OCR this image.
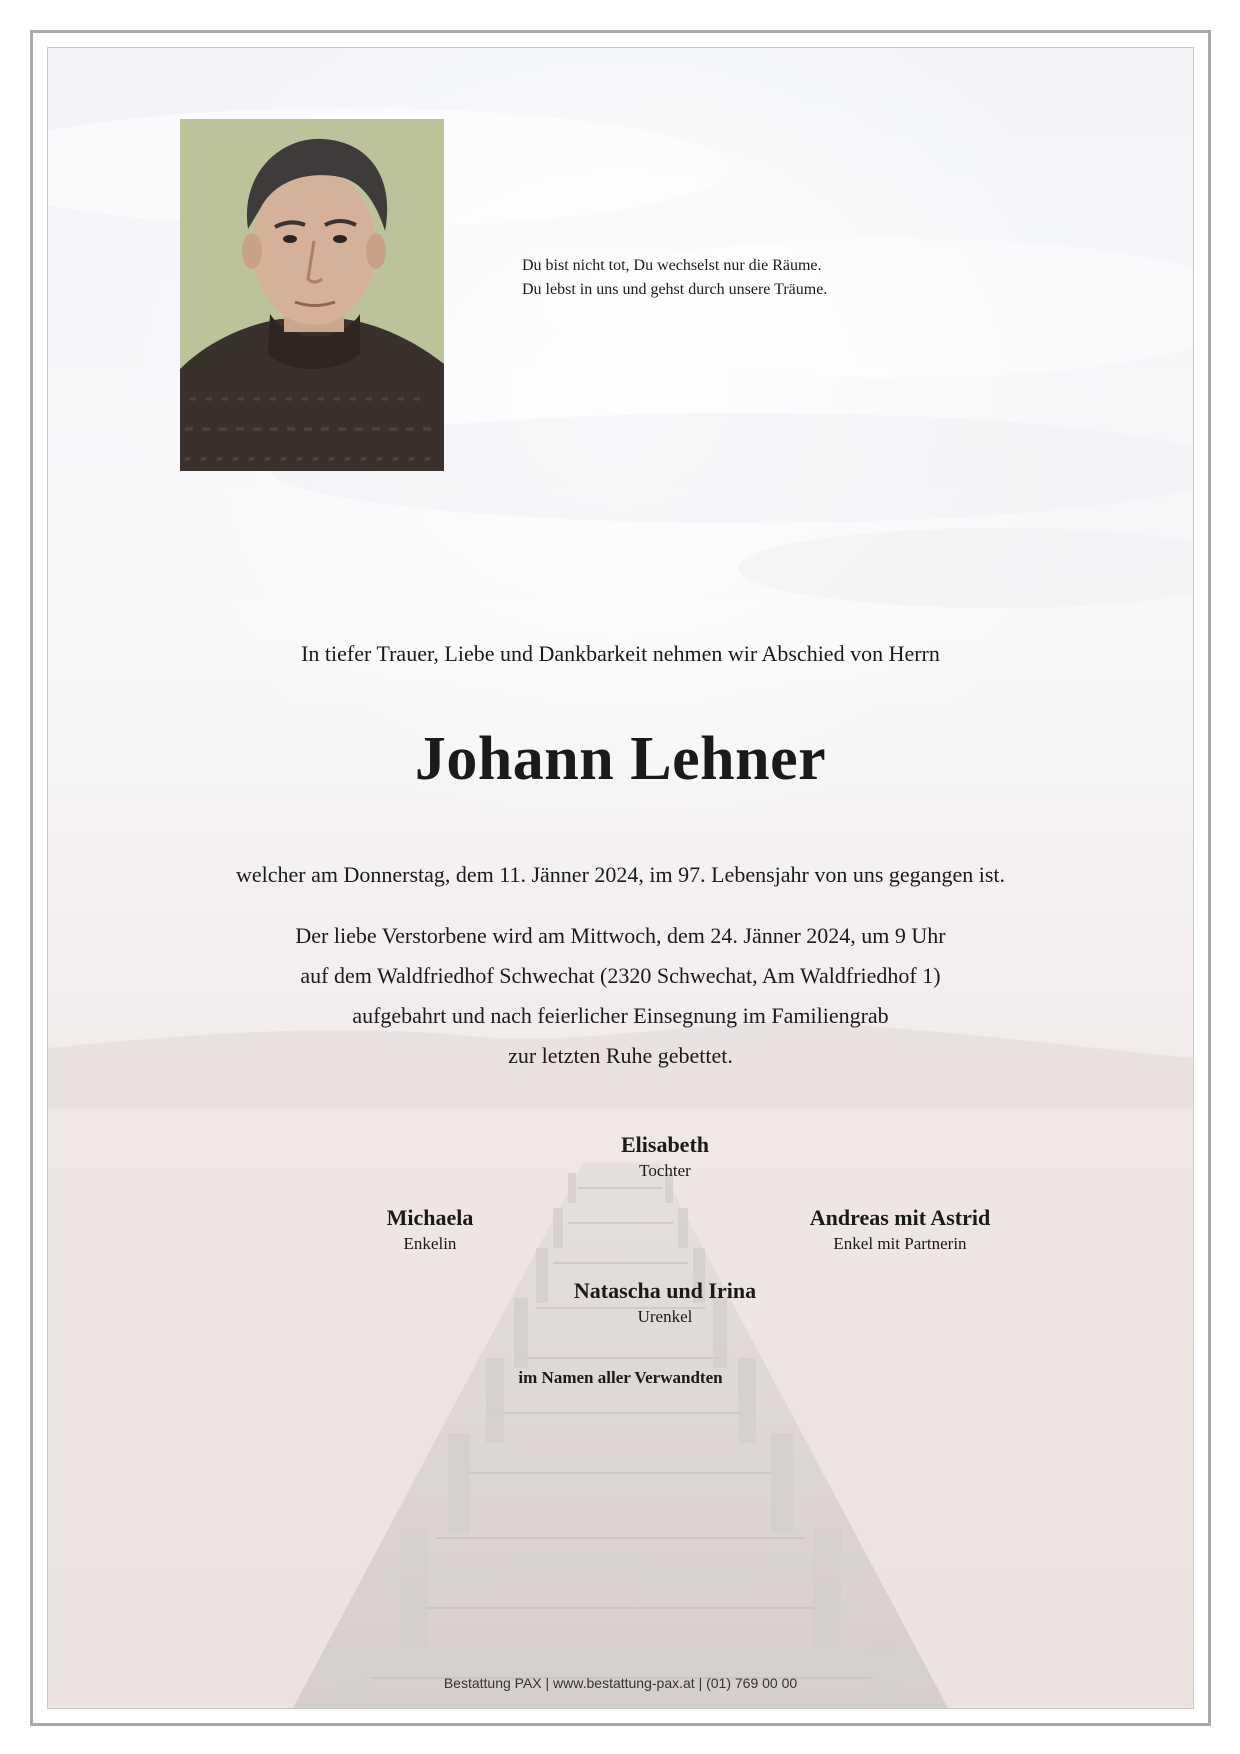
Du bist nicht tot, Du wechselst nur die Räume.
Du lebst in uns und gehst durch unsere Träume.
In tiefer Trauer, Liebe und Dankbarkeit nehmen wir Abschied von Herrn
Johann Lehner
welcher am Donnerstag, dem 11. Jänner 2024, im 97. Lebensjahr von uns gegangen ist.
Der liebe Verstorbene wird am Mittwoch, dem 24. Jänner 2024, um 9 Uhr
auf dem Waldfriedhof Schwechat (2320 Schwechat, Am Waldfriedhof 1)
aufgebahrt und nach feierlicher Einsegnung im Familiengrab
zur letzten Ruhe gebettet.
Elisabeth
Tochter
Michaela
Enkelin
Andreas mit Astrid
Enkel mit Partnerin
Natascha und Irina
Urenkel
im Namen aller Verwandten
Bestattung PAX | www.bestattung-pax.at | (01) 769 00 00
